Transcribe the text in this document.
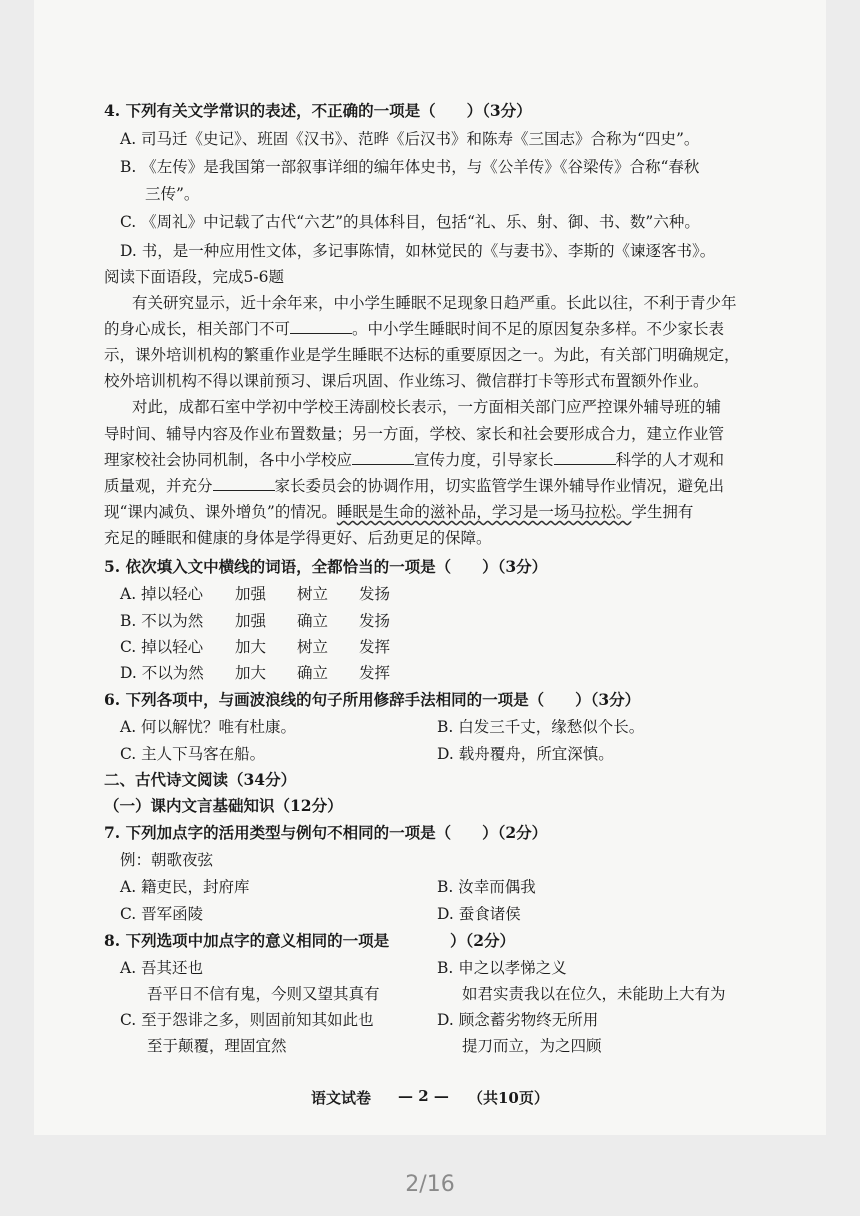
4. 下列有关文学常识的表述，不正确的一项是（　　）（3分）
A. 司马迁《史记》、班固《汉书》、范晔《后汉书》和陈寿《三国志》合称为“四史”。
B. 《左传》是我国第一部叙事详细的编年体史书，与《公羊传》《谷梁传》合称“春秋
三传”。
C. 《周礼》中记载了古代“六艺”的具体科目，包括“礼、乐、射、御、书、数”六种。
D. 书，是一种应用性文体，多记事陈情，如林觉民的《与妻书》、李斯的《谏逐客书》。
阅读下面语段，完成5-6题
有关研究显示，近十余年来，中小学生睡眠不足现象日趋严重。长此以往，不利于青少年
的身心成长，相关部门不可	。中小学生睡眠时间不足的原因复杂多样。不少家长表
示，课外培训机构的繁重作业是学生睡眠不达标的重要原因之一。为此，有关部门明确规定，
校外培训机构不得以课前预习、课后巩固、作业练习、微信群打卡等形式布置额外作业。
对此，成都石室中学初中学校王涛副校长表示，一方面相关部门应严控课外辅导班的辅
导时间、辅导内容及作业布置数量；另一方面，学校、家长和社会要形成合力，建立作业管
理家校社会协同机制，各中小学校应	宣传力度，引导家长	科学的人才观和
质量观，并充分	家长委员会的协调作用，切实监管学生课外辅导作业情况，避免出
现“课内减负、课外增负”的情况。睡眠是生命的滋补品，学习是一场马拉松。学生拥有
充足的睡眠和健康的身体是学得更好、后劲更足的保障。
5. 依次填入文中横线的词语，全都恰当的一项是（　　）（3分）
A. 掉以轻心 加强 树立 发扬
B. 不以为然 加强 确立 发扬
C. 掉以轻心 加大 树立 发挥
D. 不以为然 加大 确立 发挥
6. 下列各项中，与画波浪线的句子所用修辞手法相同的一项是（　　）（3分）
A. 何以解忧？唯有杜康。	B. 白发三千丈，缘愁似个长。
C. 主人下马客在船。	D. 载舟覆舟，所宜深慎。
二、古代诗文阅读（34分）
（一）课内文言基础知识（12分）
7. 下列加点字的活用类型与例句不相同的一项是（　　）（2分）
例：朝歌夜弦
A. 籍吏民，封府库	B. 汝幸而偶我
C. 晋军函陵	D. 蚕食诸侯
8. 下列选项中加点字的意义相同的一项是	）（2分）
A. 吾其还也	B. 申之以孝悌之义
吾平日不信有鬼，今则又望其真有	如君实责我以在位久，未能助上大有为
C. 至于怨诽之多，则固前知其如此也	D. 顾念蓄劣物终无所用
至于颠覆，理固宜然	提刀而立，为之四顾
语文试卷 — 2 — （共10页）
2/16
